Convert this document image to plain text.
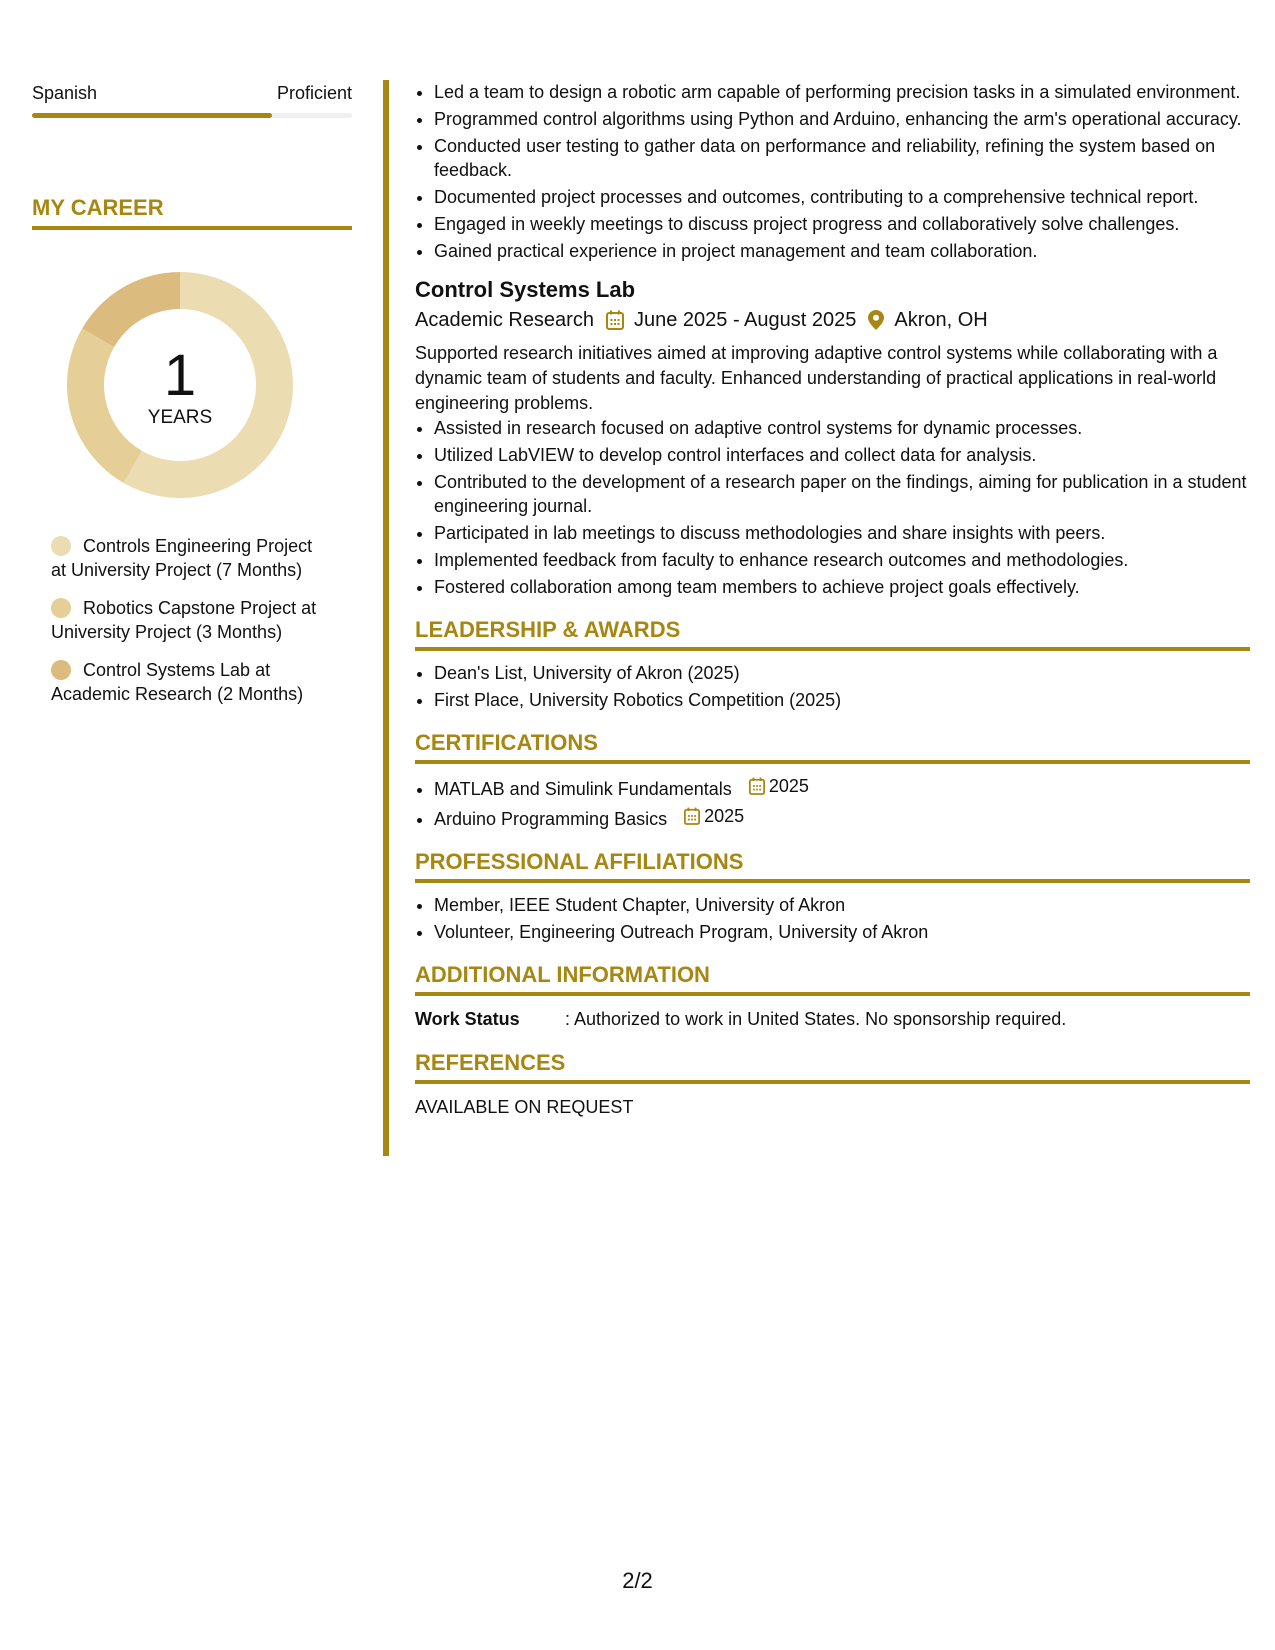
Spanish	Proficient
MY CAREER
1
YEARS
Controls Engineering Project at University Project (7 Months)
Robotics Capstone Project at University Project (3 Months)
Control Systems Lab at Academic Research (2 Months)
• Led a team to design a robotic arm capable of performing precision tasks in a simulated environment.
• Programmed control algorithms using Python and Arduino, enhancing the arm's operational accuracy.
• Conducted user testing to gather data on performance and reliability, refining the system based on feedback.
• Documented project processes and outcomes, contributing to a comprehensive technical report.
• Engaged in weekly meetings to discuss project progress and collaboratively solve challenges.
• Gained practical experience in project management and team collaboration.
Control Systems Lab
Academic Research June 2025 - August 2025 Akron, OH
Supported research initiatives aimed at improving adaptive control systems while collaborating with a dynamic team of students and faculty. Enhanced understanding of practical applications in real-world engineering problems.
• Assisted in research focused on adaptive control systems for dynamic processes.
• Utilized LabVIEW to develop control interfaces and collect data for analysis.
• Contributed to the development of a research paper on the findings, aiming for publication in a student engineering journal.
• Participated in lab meetings to discuss methodologies and share insights with peers.
• Implemented feedback from faculty to enhance research outcomes and methodologies.
• Fostered collaboration among team members to achieve project goals effectively.
LEADERSHIP & AWARDS
• Dean's List, University of Akron (2025)
• First Place, University Robotics Competition (2025)
CERTIFICATIONS
• MATLAB and Simulink Fundamentals 2025
• Arduino Programming Basics 2025
PROFESSIONAL AFFILIATIONS
• Member, IEEE Student Chapter, University of Akron
• Volunteer, Engineering Outreach Program, University of Akron
ADDITIONAL INFORMATION
Work Status	: Authorized to work in United States. No sponsorship required.
REFERENCES
AVAILABLE ON REQUEST
2/2
